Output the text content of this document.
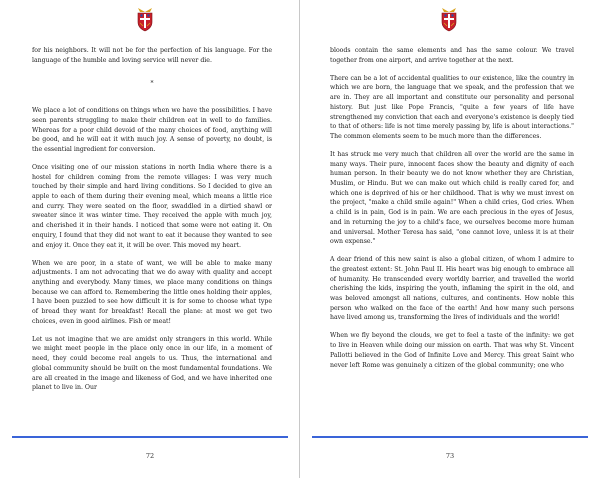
for his neighbors. It will not be for the perfection of his language. For the language of the humble and loving service will never die.

*

We place a lot of conditions on things when we have the possibilities. I have seen parents struggling to make their children eat in well to do families. Whereas for a poor child devoid of the many choices of food, anything will be good, and he will eat it with much joy. A sense of poverty, no doubt, is the essential ingredient for conversion.

Once visiting one of our mission stations in north India where there is a hostel for children coming from the remote villages: I was very much touched by their simple and hard living conditions. So I decided to give an apple to each of them during their evening meal, which means a little rice and curry. They were seated on the floor, swaddled in a dirtied shawl or sweater since it was winter time. They received the apple with much joy, and cherished it in their hands. I noticed that some were not eating it. On enquiry, I found that they did not want to eat it because they wanted to see and enjoy it. Once they eat it, it will be over. This moved my heart.

When we are poor, in a state of want, we will be able to make many adjustments. I am not advocating that we do away with quality and accept anything and everybody. Many times, we place many conditions on things because we can afford to. Remembering the little ones holding their apples, I have been puzzled to see how difficult it is for some to choose what type of bread they want for breakfast! Recall the plane: at most we get two choices, even in good airlines. Fish or meat!

Let us not imagine that we are amidst only strangers in this world. While we might meet people in the place only once in our life, in a moment of need, they could become real angels to us. Thus, the international and global community should be built on the most fundamental foundations. We are all created in the image and likeness of God, and we have inherited one planet to live in. Our

72

bloods contain the same elements and has the same colour. We travel together from one airport, and arrive together at the next.

There can be a lot of accidental qualities to our existence, like the country in which we are born, the language that we speak, and the profession that we are in. They are all important and constitute our personality and personal history. But just like Pope Francis, "quite a few years of life have strengthened my conviction that each and everyone's existence is deeply tied to that of others: life is not time merely passing by, life is about interactions." The common elements seem to be much more than the differences.

It has struck me very much that children all over the world are the same in many ways. Their pure, innocent faces show the beauty and dignity of each human person. In their beauty we do not know whether they are Christian, Muslim, or Hindu. But we can make out which child is really cared for, and which one is deprived of his or her childhood. That is why we must invest on the project, "make a child smile again!" When a child cries, God cries. When a child is in pain, God is in pain. We are each precious in the eyes of Jesus, and in returning the joy to a child's face, we ourselves become more human and universal. Mother Teresa has said, "one cannot love, unless it is at their own expense."

A dear friend of this new saint is also a global citizen, of whom I admire to the greatest extent: St. John Paul II. His heart was big enough to embrace all of humanity. He transcended every worldly barrier, and travelled the world cherishing the kids, inspiring the youth, inflaming the spirit in the old, and was beloved amongst all nations, cultures, and continents. How noble this person who walked on the face of the earth! And how many such persons have lived among us, transforming the lives of individuals and the world!

When we fly beyond the clouds, we get to feel a taste of the infinity: we get to live in Heaven while doing our mission on earth. That was why St. Vincent Pallotti believed in the God of Infinite Love and Mercy. This great Saint who never left Rome was genuinely a citizen of the global community; one who

73
